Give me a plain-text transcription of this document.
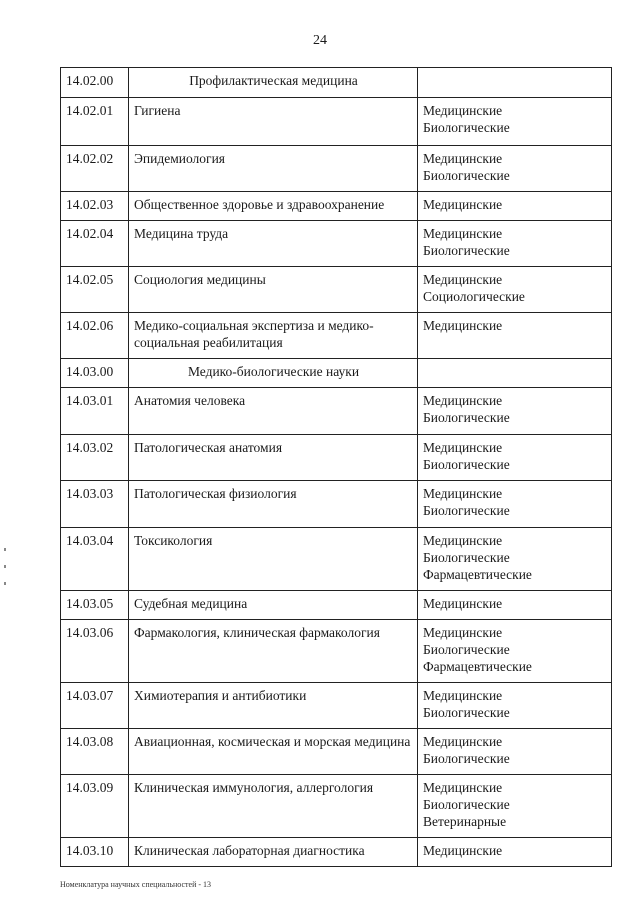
24
14.02.00	Профилактическая медицина	
14.02.01	Гигиена	Медицинские
Биологические

14.02.02	Эпидемиология	Медицинские
Биологические

14.02.03	Общественное здоровье и здравоохранение	Медицинские

14.02.04	Медицина труда	Медицинские
Биологические

14.02.05	Социология медицины	Медицинские
Социологические

14.02.06	Медико-социальная экспертиза и медико-социальная реабилитация	Медицинские

14.03.00	Медико-биологические науки	
14.03.01	Анатомия человека	Медицинские
Биологические

14.03.02	Патологическая анатомия	Медицинские
Биологические

14.03.03	Патологическая физиология	Медицинские
Биологические

14.03.04	Токсикология	Медицинские
Биологические
Фармацевтические

14.03.05	Судебная медицина	Медицинские

14.03.06	Фармакология, клиническая фармакология	Медицинские
Биологические
Фармацевтические

14.03.07	Химиотерапия и антибиотики	Медицинские
Биологические

14.03.08	Авиационная, космическая и морская медицина	Медицинские
Биологические

14.03.09	Клиническая иммунология, аллергология	Медицинские
Биологические
Ветеринарные

14.03.10	Клиническая лабораторная диагностика	Медицинские
Номенклатура научных специальностей - 13
